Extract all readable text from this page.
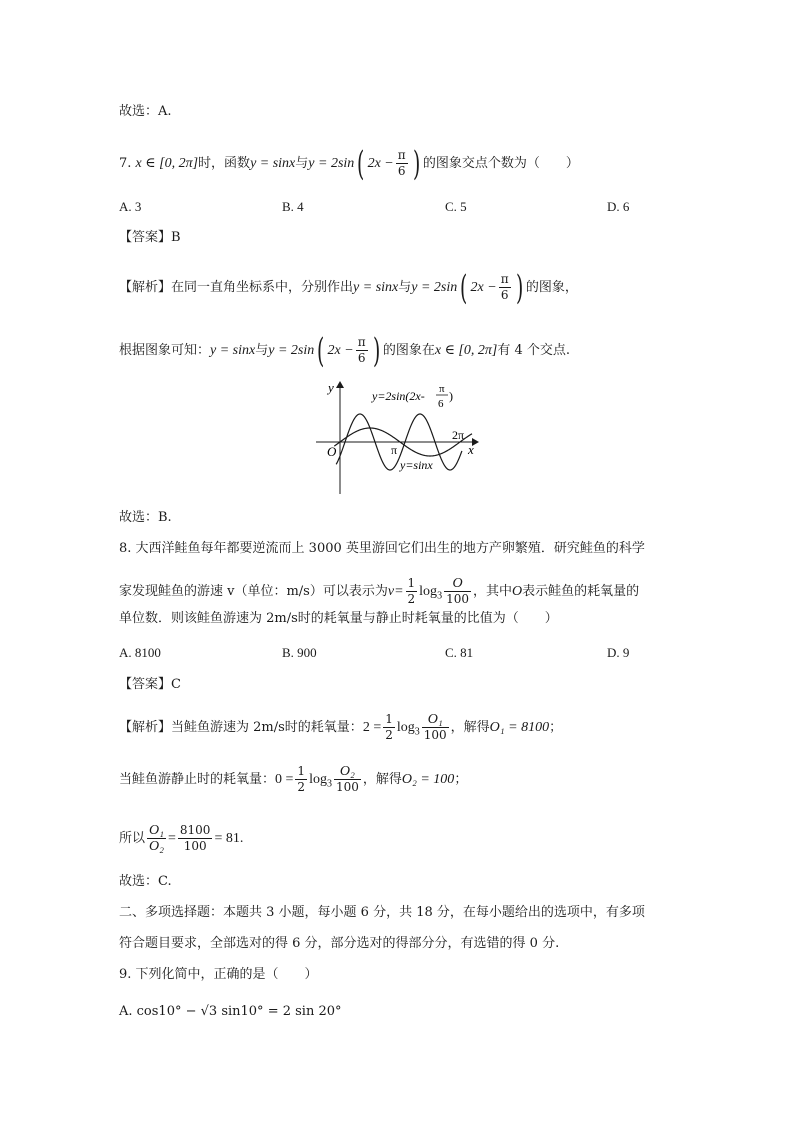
故选：A.
7. x ∈ [0, 2π]时，函数y = sinx与y = 2sin( $2x - \frac{\pi}{6}$ ) 的图象交点个数为（　　）
A. 3	B. 4	C. 5	D. 6
【答案】B
【解析】在同一直角坐标系中，分别作出y = sinx与y = 2sin( $2x - \frac{\pi}{6}$ ) 的图象，
根据图象可知：y = sinx与y = 2sin( $2x - \frac{\pi}{6}$ ) 的图象在x ∈ [0, 2π]有 4 个交点.
y
x
O	π
2π
y=2sin(2x- π
6
)
y=sinx
故选：B.
8. 大西洋鲑鱼每年都要逆流而上 3000 英里游回它们出生的地方产卵繁殖．研究鲑鱼的科学
家发现鲑鱼的游速 v（单位：m/s）可以表示为$v= \frac{1}{2} \log_3 \frac{O}{100}$ ，其中O表示鲑鱼的耗氧量的
单位数．则该鲑鱼游速为 2m/s时的耗氧量与静止时耗氧量的比值为（　　）
A. 8100	B. 900	C. 81	D. 9
【答案】C
【解析】当鲑鱼游速为 2m/s时的耗氧量：$2 = \frac{1}{2} \log_3 \frac{\text{O₁}}{100}$ ，解得O₁ = 8100；
当鲑鱼游静止时的耗氧量：$0 = \frac{1}{2} \log_3 \frac{\text{O₂}}{100}$ ，解得O₂ = 100；
所以 $\frac{\text{O₁}}{\text{O₂}} = \frac{8100}{100} = 81$.
故选：C.
二、多项选择题：本题共 3 小题，每小题 6 分，共 18 分，在每小题给出的选项中，有多项
符合题目要求，全部选对的得 6 分，部分选对的得部分分，有选错的得 0 分.
9. 下列化简中，正确的是（　　）
A. cos10° − √3 sin10° = 2 sin 20°
